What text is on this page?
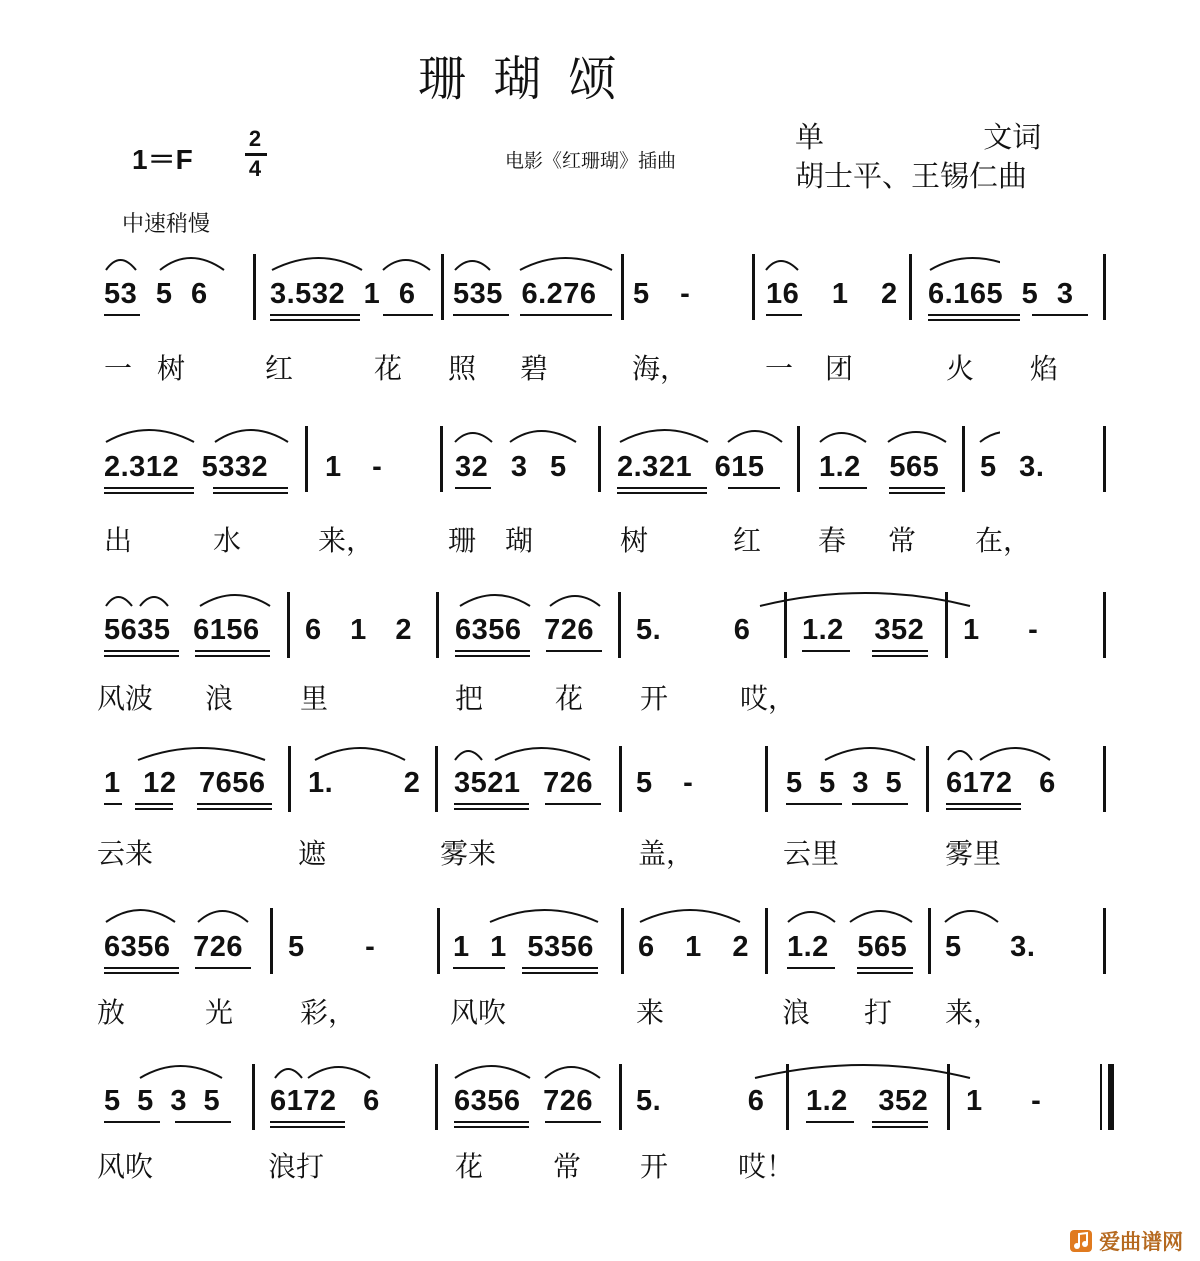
珊 瑚 颂
1＝F
2
4	电影《红珊瑚》插曲
单 文词
胡士平、王锡仁曲
中速稍慢
53 5 6 3.532 1 6 535 6.276 5 -	16 1 2 6.165 5 3
一 树	红	花 照 碧	海，	一 团	火 焰
2.312 5332 1 -	32 3 5 2.321 615 1.2 565 5 3.
出	水	来，	珊 瑚	树	红 春 常 在，
5635 6156 6 1 2 6356 726 5. 6 1.2 352 1 -
风波 浪 里	把	花 开	哎，
1 12 7656 1. 2 3521 726 5 -	5 5 3 5 6172 6
云来	遮	雾来	盖，	云里	雾里
6356 726 5 -	1 1 5356 6 1 2 1.2 565 5 3.
放	光 彩，	风吹	来	浪 打 来，
5 5 3 5 6172 6	6356 726 5. 6 1.2 352 1 -
风吹	浪打	花 常 开 哎！
爱曲谱网
